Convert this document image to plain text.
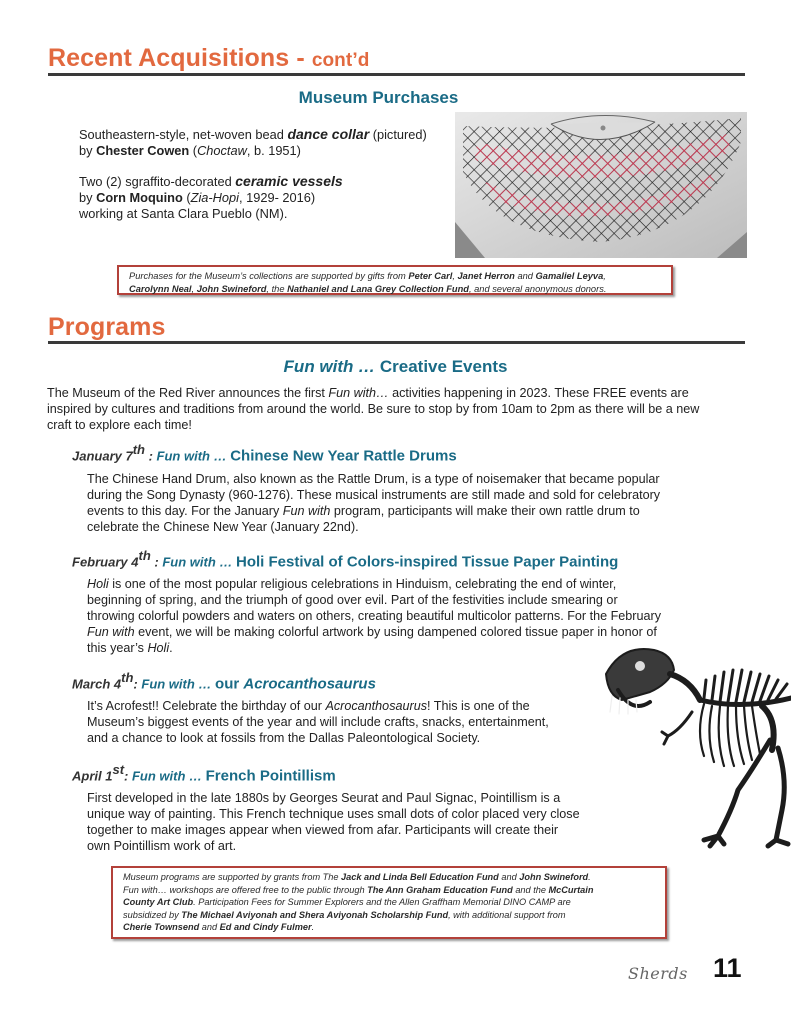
Recent Acquisitions - cont’d
Museum Purchases
Southeastern-style, net-woven bead dance collar (pictured)
by Chester Cowen (Choctaw, b. 1951)
Two (2) sgraffito-decorated ceramic vessels
by Corn Moquino (Zia-Hopi, 1929- 2016)
working at Santa Clara Pueblo (NM).
Purchases for the Museum’s collections are supported by gifts from Peter Carl, Janet Herron and Gamaliel Leyva,
Carolynn Neal, John Swineford, the Nathaniel and Lana Grey Collection Fund, and several anonymous donors.
Programs
Fun with … Creative Events
The Museum of the Red River announces the first Fun with… activities happening in 2023. These FREE events are
inspired by cultures and traditions from around the world. Be sure to stop by from 10am to 2pm as there will be a new
craft to explore each time!
January 7th : Fun with … Chinese New Year Rattle Drums
The Chinese Hand Drum, also known as the Rattle Drum, is a type of noisemaker that became popular
during the Song Dynasty (960-1276). These musical instruments are still made and sold for celebratory
events to this day. For the January Fun with program, participants will make their own rattle drum to
celebrate the Chinese New Year (January 22nd).
February 4th : Fun with … Holi Festival of Colors-inspired Tissue Paper Painting
Holi is one of the most popular religious celebrations in Hinduism, celebrating the end of winter,
beginning of spring, and the triumph of good over evil. Part of the festivities include smearing or
throwing colorful powders and waters on others, creating beautiful multicolor patterns. For the February
Fun with event, we will be making colorful artwork by using dampened colored tissue paper in honor of
this year’s Holi.
March 4th: Fun with … our Acrocanthosaurus
It’s Acrofest!! Celebrate the birthday of our Acrocanthosaurus! This is one of the
Museum’s biggest events of the year and will include crafts, snacks, entertainment,
and a chance to look at fossils from the Dallas Paleontological Society.
April 1st: Fun with … French Pointillism
First developed in the late 1880s by Georges Seurat and Paul Signac, Pointillism is a
unique way of painting. This French technique uses small dots of color placed very close
together to make images appear when viewed from afar. Participants will create their
own Pointillism work of art.
Museum programs are supported by grants from The Jack and Linda Bell Education Fund and John Swineford.
Fun with… workshops are offered free to the public through The Ann Graham Education Fund and the McCurtain
County Art Club. Participation Fees for Summer Explorers and the Allen Graffham Memorial DINO CAMP are
subsidized by The Michael Aviyonah and Shera Aviyonah Scholarship Fund, with additional support from
Cherie Townsend and Ed and Cindy Fulmer.
Sherds 11
